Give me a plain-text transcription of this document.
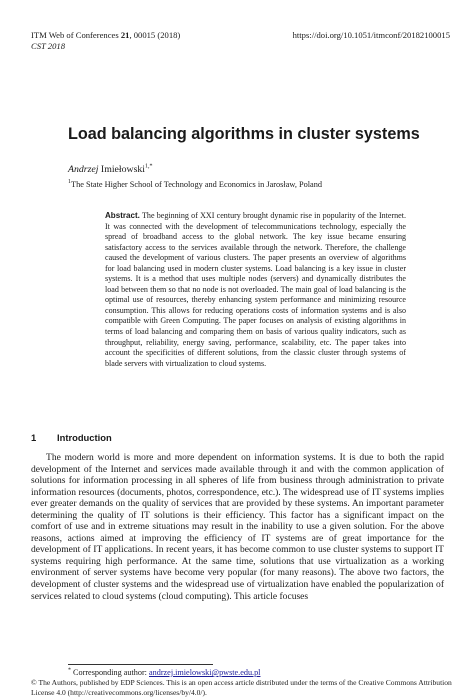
ITM Web of Conferences 21, 00015 (2018)
CST 2018
https://doi.org/10.1051/itmconf/20182100015
Load balancing algorithms in cluster systems
Andrzej Imiełowski$^{1,*}$
$^1$The State Higher School of Technology and Economics in Jarosław, Poland
Abstract. The beginning of XXI century brought dynamic rise in popularity of the Internet. It was connected with the development of telecommunications technology, especially the spread of broadband access to the global network. The key issue became ensuring satisfactory access to the services available through the network. Therefore, the challenge caused the development of various clusters. The paper presents an overview of algorithms for load balancing used in modern cluster systems. Load balancing is a key issue in cluster systems. It is a method that uses multiple nodes (servers) and dynamically distributes the load between them so that no node is not overloaded. The main goal of load balancing is the optimal use of resources, thereby enhancing system performance and minimizing resource consumption. This allows for reducing operations costs of information systems and is also compatible with Green Computing. The paper focuses on analysis of existing algorithms in terms of load balancing and comparing them on basis of various quality indicators, such as throughput, reliability, energy saving, performance, scalability, etc. The paper takes into account the specificities of different solutions, from the classic cluster through systems of blade servers with virtualization to cloud systems.
1 Introduction
The modern world is more and more dependent on information systems. It is due to both the rapid development of the Internet and services made available through it and with the common application of solutions for information processing in all spheres of life from business through administration to private information resources (documents, photos, correspondence, etc.). The widespread use of IT systems implies ever greater demands on the quality of services that are provided by these systems. An important parameter determining the quality of IT solutions is their efficiency. This factor has a significant impact on the comfort of use and in extreme situations may result in the inability to use a given solution. For the above reasons, actions aimed at improving the efficiency of IT systems are of great importance for the development of IT applications. In recent years, it has become common to use cluster systems to support IT systems requiring high performance. At the same time, solutions that use virtualization as a working environment of server systems have become very popular (for many reasons). The above two factors, the development of cluster systems and the widespread use of virtualization have enabled the popularization of services related to cloud systems (cloud computing). This article focuses
* Corresponding author: andrzej.imielowski@pwste.edu.pl
© The Authors, published by EDP Sciences. This is an open access article distributed under the terms of the Creative Commons Attribution License 4.0 (http://creativecommons.org/licenses/by/4.0/).
